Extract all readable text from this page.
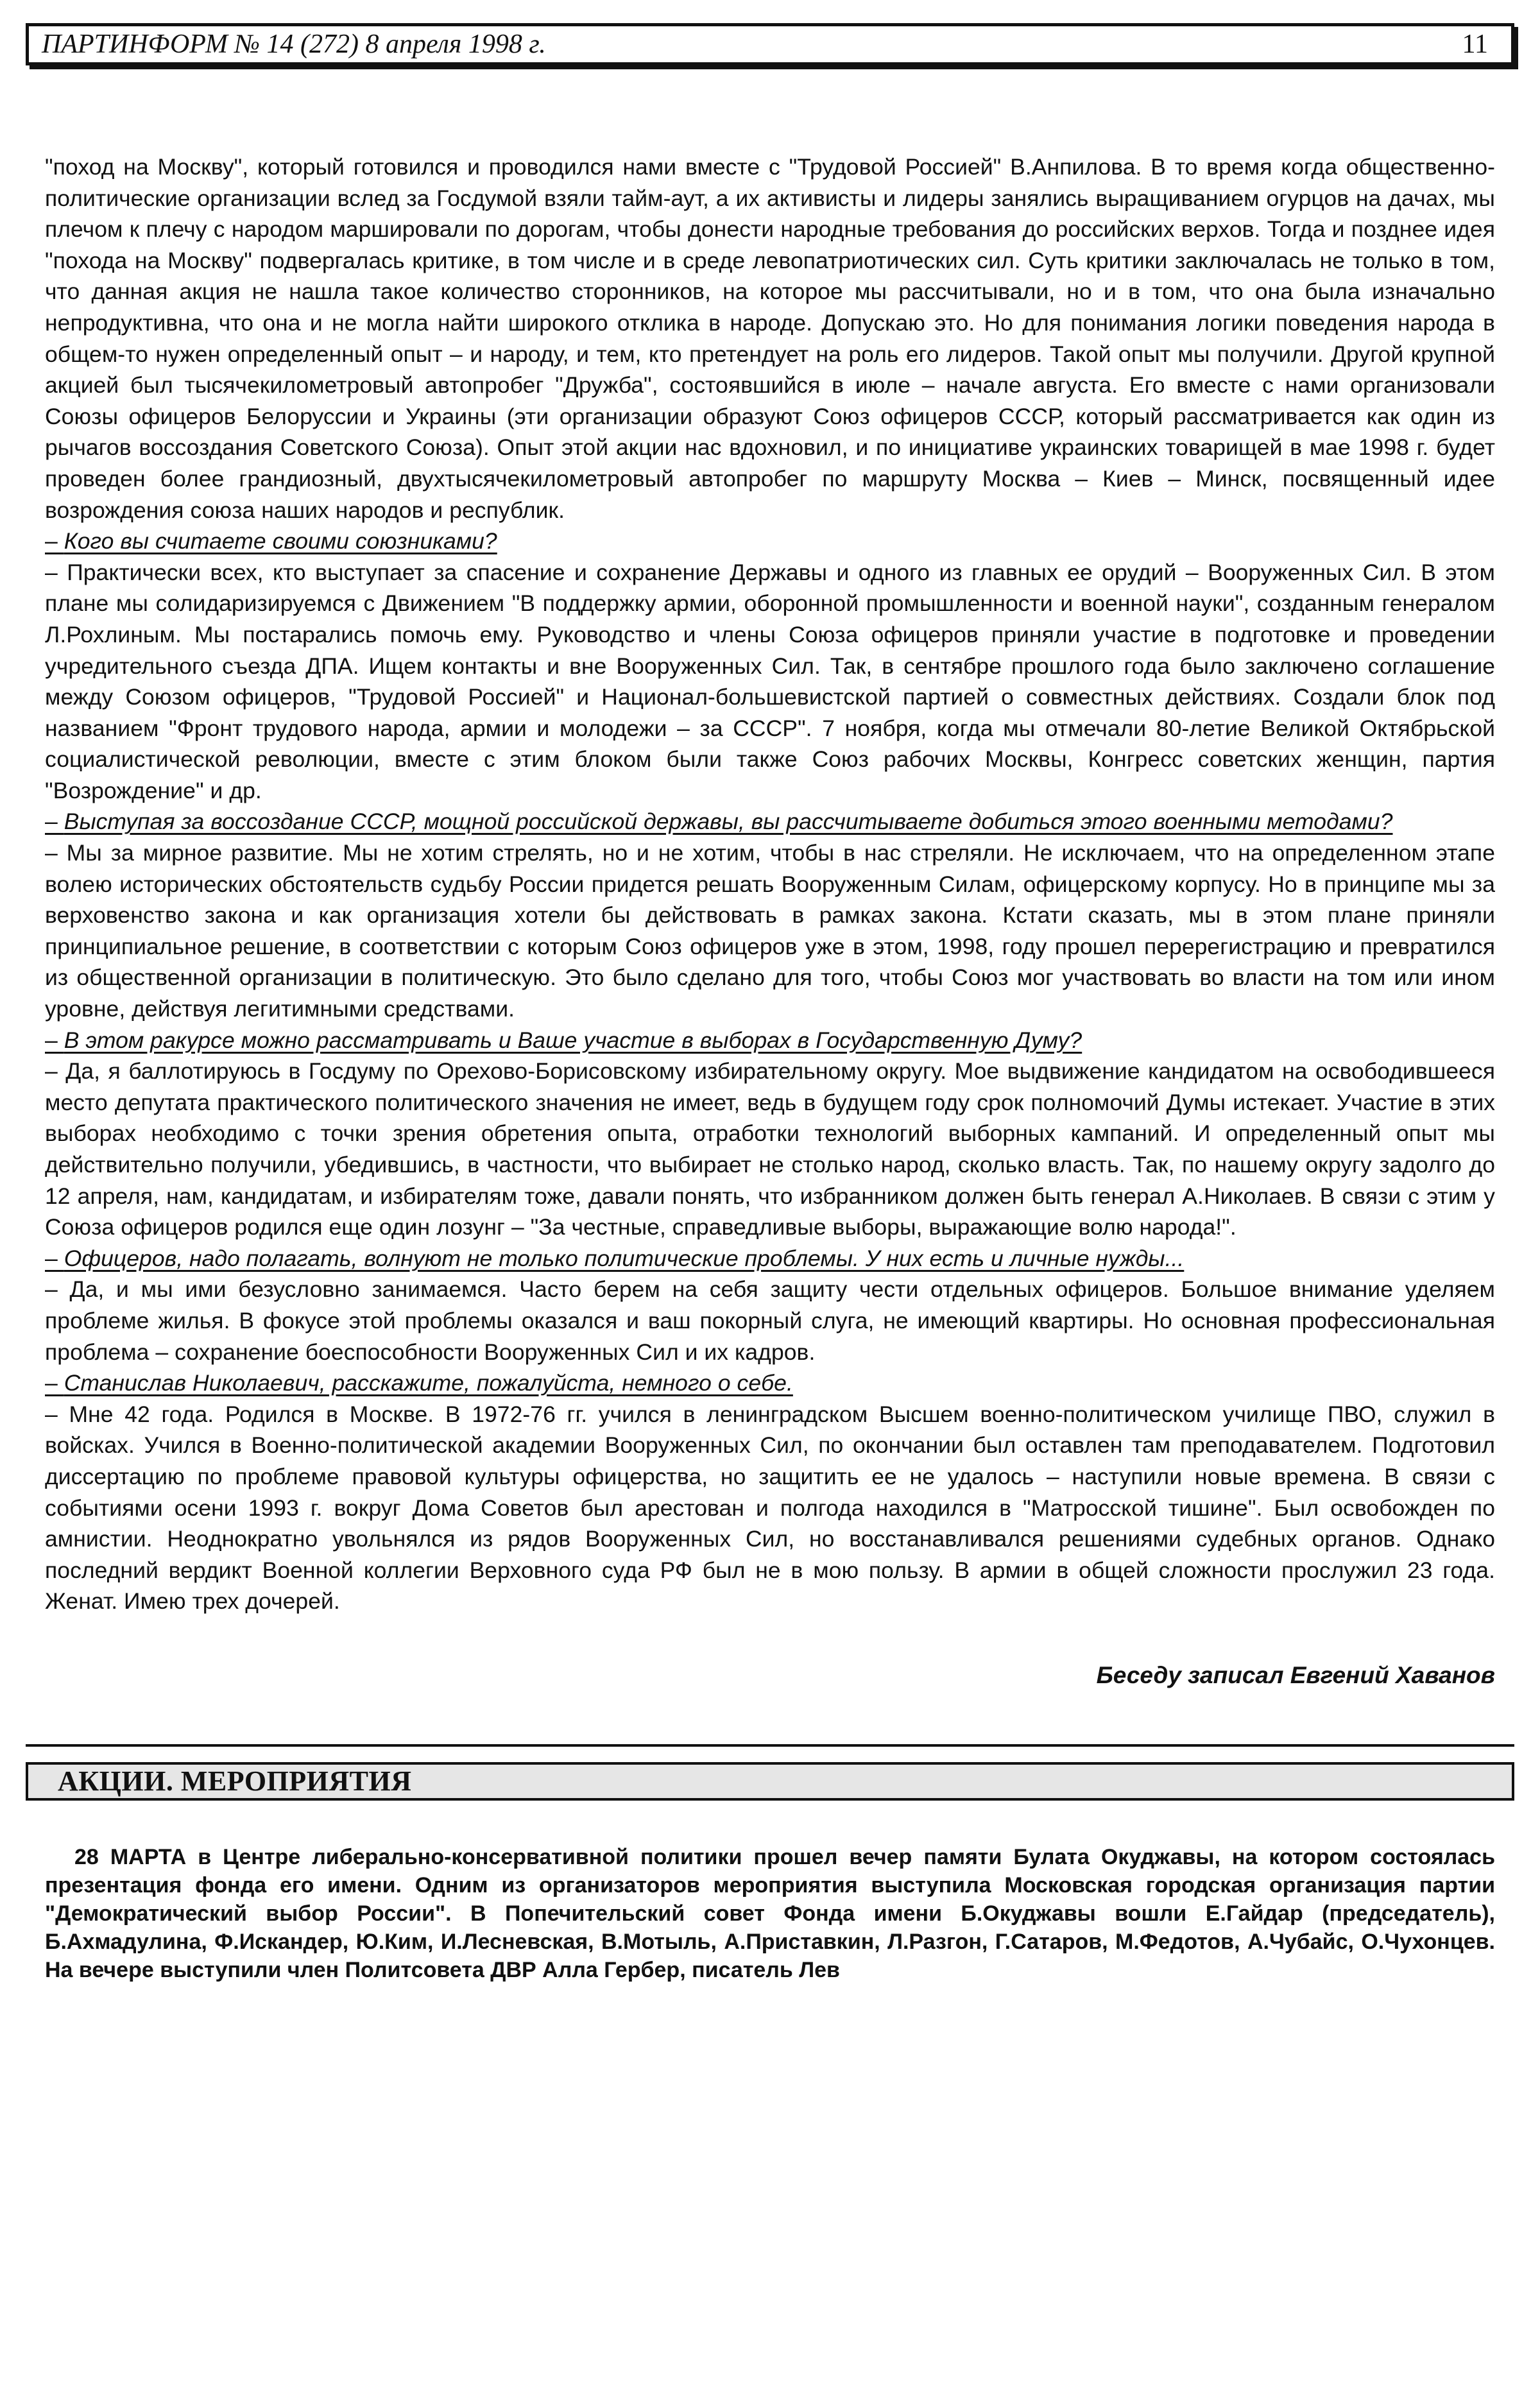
ПАРТИНФОРМ № 14 (272) 8 апреля 1998 г.	11

"поход на Москву", который готовился и проводился нами вместе с "Трудовой Россией" В.Анпилова. В то время когда общественно-политические организации вслед за Госдумой взяли тайм-аут, а их активисты и лидеры занялись выращиванием огурцов на дачах, мы плечом к плечу с народом маршировали по дорогам, чтобы донести народные требования до российских верхов. Тогда и позднее идея "похода на Москву" подвергалась критике, в том числе и в среде левопатриотических сил. Суть критики заключалась не только в том, что данная акция не нашла такое количество сторонников, на которое мы рассчитывали, но и в том, что она была изначально непродуктивна, что она и не могла найти широкого отклика в народе. Допускаю это. Но для понимания логики поведения народа в общем-то нужен определенный опыт – и народу, и тем, кто претендует на роль его лидеров. Такой опыт мы получили. Другой крупной акцией был тысячекилометровый автопробег "Дружба", состоявшийся в июле – начале августа. Его вместе с нами организовали Союзы офицеров Белоруссии и Украины (эти организации образуют Союз офицеров СССР, который рассматривается как один из рычагов воссоздания Советского Союза). Опыт этой акции нас вдохновил, и по инициативе украинских товарищей в мае 1998 г. будет проведен более грандиозный, двухтысячекилометровый автопробег по маршруту Москва – Киев – Минск, посвященный идее возрождения союза наших народов и республик.

– Кого вы считаете своими союзниками?

– Практически всех, кто выступает за спасение и сохранение Державы и одного из главных ее орудий – Вооруженных Сил. В этом плане мы солидаризируемся с Движением "В поддержку армии, оборонной промышленности и военной науки", созданным генералом Л.Рохлиным. Мы постарались помочь ему. Руководство и члены Союза офицеров приняли участие в подготовке и проведении учредительного съезда ДПА. Ищем контакты и вне Вооруженных Сил. Так, в сентябре прошлого года было заключено соглашение между Союзом офицеров, "Трудовой Россией" и Национал-большевистской партией о совместных действиях. Создали блок под названием "Фронт трудового народа, армии и молодежи – за СССР". 7 ноября, когда мы отмечали 80-летие Великой Октябрьской социалистической революции, вместе с этим блоком были также Союз рабочих Москвы, Конгресс советских женщин, партия "Возрождение" и др.

– Выступая за воссоздание СССР, мощной российской державы, вы рассчитываете добиться этого военными методами?

– Мы за мирное развитие. Мы не хотим стрелять, но и не хотим, чтобы в нас стреляли. Не исключаем, что на определенном этапе волею исторических обстоятельств судьбу России придется решать Вооруженным Силам, офицерскому корпусу. Но в принципе мы за верховенство закона и как организация хотели бы действовать в рамках закона. Кстати сказать, мы в этом плане приняли принципиальное решение, в соответствии с которым Союз офицеров уже в этом, 1998, году прошел перерегистрацию и превратился из общественной организации в политическую. Это было сделано для того, чтобы Союз мог участвовать во власти на том или ином уровне, действуя легитимными средствами.

– В этом ракурсе можно рассматривать и Ваше участие в выборах в Государственную Думу?

– Да, я баллотируюсь в Госдуму по Орехово-Борисовскому избирательному округу. Мое выдвижение кандидатом на освободившееся место депутата практического политического значения не имеет, ведь в будущем году срок полномочий Думы истекает. Участие в этих выборах необходимо с точки зрения обретения опыта, отработки технологий выборных кампаний. И определенный опыт мы действительно получили, убедившись, в частности, что выбирает не столько народ, сколько власть. Так, по нашему округу задолго до 12 апреля, нам, кандидатам, и избирателям тоже, давали понять, что избранником должен быть генерал А.Николаев. В связи с этим у Союза офицеров родился еще один лозунг – "За честные, справедливые выборы, выражающие волю народа!".

– Офицеров, надо полагать, волнуют не только политические проблемы. У них есть и личные нужды...

– Да, и мы ими безусловно занимаемся. Часто берем на себя защиту чести отдельных офицеров. Большое внимание уделяем проблеме жилья. В фокусе этой проблемы оказался и ваш покорный слуга, не имеющий квартиры. Но основная профессиональная проблема – сохранение боеспособности Вооруженных Сил и их кадров.

– Станислав Николаевич, расскажите, пожалуйста, немного о себе.

– Мне 42 года. Родился в Москве. В 1972-76 гг. учился в ленинградском Высшем военно-политическом училище ПВО, служил в войсках. Учился в Военно-политической академии Вооруженных Сил, по окончании был оставлен там преподавателем. Подготовил диссертацию по проблеме правовой культуры офицерства, но защитить ее не удалось – наступили новые времена. В связи с событиями осени 1993 г. вокруг Дома Советов был арестован и полгода находился в "Матросской тишине". Был освобожден по амнистии. Неоднократно увольнялся из рядов Вооруженных Сил, но восстанавливался решениями судебных органов. Однако последний вердикт Военной коллегии Верховного суда РФ был не в мою пользу. В армии в общей сложности прослужил 23 года. Женат. Имею трех дочерей.

Беседу записал Евгений Хаванов
АКЦИИ. МЕРОПРИЯТИЯ

28 МАРТА в Центре либерально-консервативной политики прошел вечер памяти Булата Окуджавы, на котором состоялась презентация фонда его имени. Одним из организаторов мероприятия выступила Московская городская организация партии "Демократический выбор России". В Попечительский совет Фонда имени Б.Окуджавы вошли Е.Гайдар (председатель), Б.Ахмадулина, Ф.Искандер, Ю.Ким, И.Лесневская, В.Мотыль, А.Приставкин, Л.Разгон, Г.Сатаров, М.Федотов, А.Чубайс, О.Чухонцев. На вечере выступили член Политсовета ДВР Алла Гербер, писатель Лев
